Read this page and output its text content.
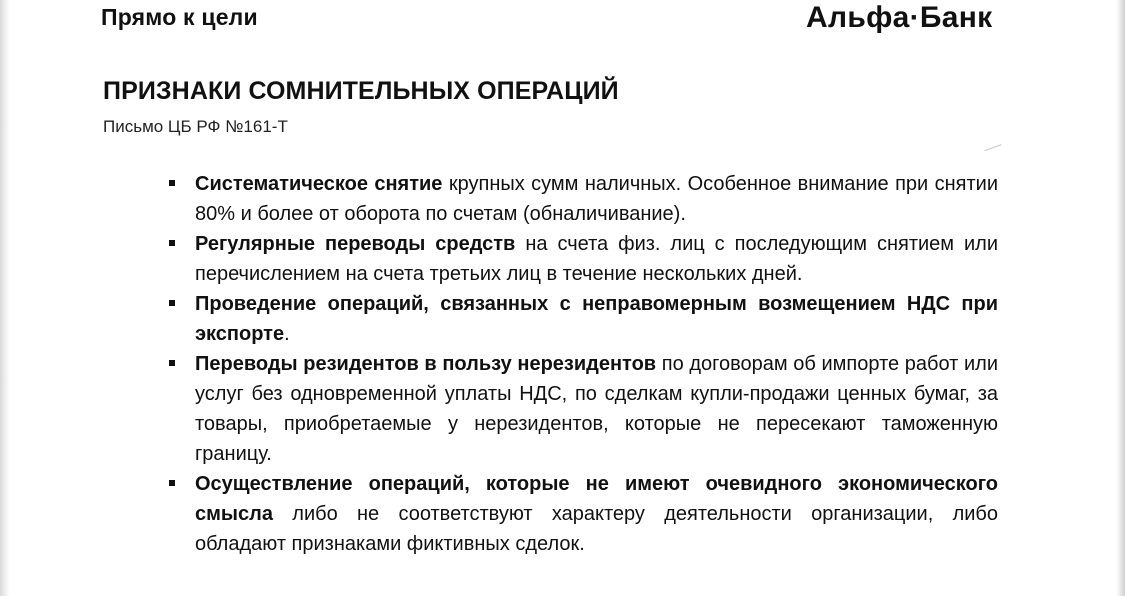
Прямо к цели	Альфа·Банк
ПРИЗНАКИ СОМНИТЕЛЬНЫХ ОПЕРАЦИЙ
Письмо ЦБ РФ №161-Т
Систематическое снятие крупных сумм наличных. Особенное внимание при снятии 80% и более от оборота по счетам (обналичивание).
Регулярные переводы средств на счета физ. лиц с последующим снятием или перечислением на счета третьих лиц в течение нескольких дней.
Проведение операций, связанных с неправомерным возмещением НДС при экспорте.
Переводы резидентов в пользу нерезидентов по договорам об импорте работ или услуг без одновременной уплаты НДС, по сделкам купли-продажи ценных бумаг, за товары, приобретаемые у нерезидентов, которые не пересекают таможенную границу.
Осуществление операций, которые не имеют очевидного экономического смысла либо не соответствуют характеру деятельности организации, либо обладают признаками фиктивных сделок.
